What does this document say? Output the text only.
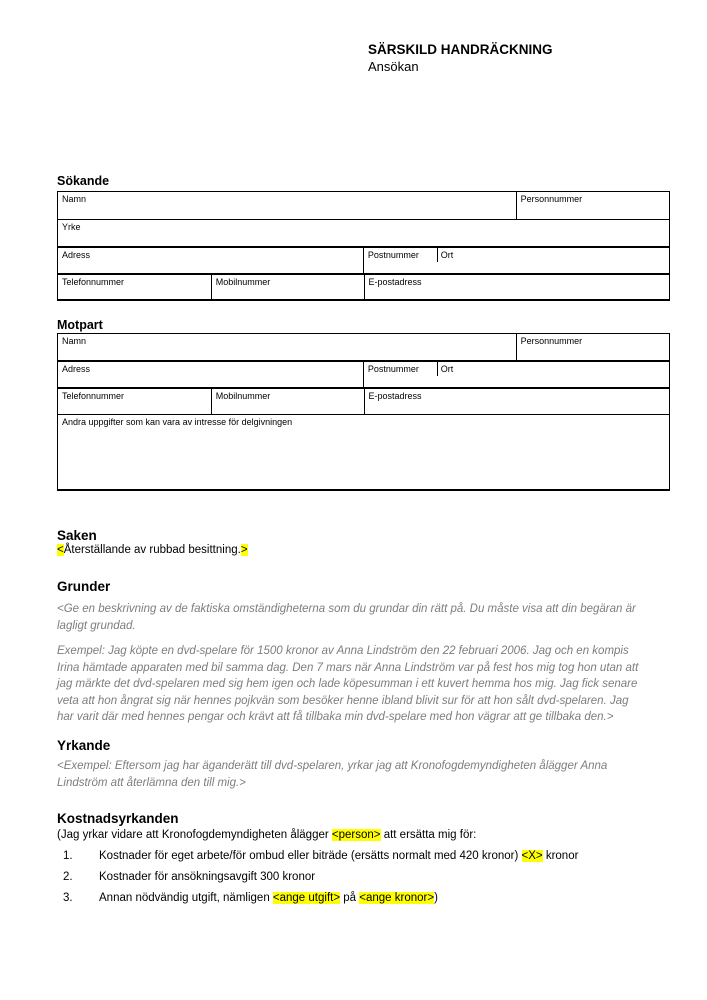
SÄRSKILD HANDRÄCKNING
Ansökan
Sökande
Namn	Personnummer
Yrke
Adress	Postnummer	Ort
Telefonnummer	Mobilnummer	E-postadress
Motpart
Namn	Personnummer
Adress	Postnummer	Ort
Telefonnummer	Mobilnummer	E-postadress
Andra uppgifter som kan vara av intresse för delgivningen
Saken
<Återställande av rubbad besittning.>
Grunder
<Ge en beskrivning av de faktiska omständigheterna som du grundar din rätt på. Du måste visa att din begäran är
lagligt grundad.
Exempel: Jag köpte en dvd-spelare för 1500 kronor av Anna Lindström den 22 februari 2006. Jag och en kompis
Irina hämtade apparaten med bil samma dag. Den 7 mars när Anna Lindström var på fest hos mig tog hon utan att
jag märkte det dvd-spelaren med sig hem igen och lade köpesumman i ett kuvert hemma hos mig. Jag fick senare
veta att hon ångrat sig när hennes pojkvän som besöker henne ibland blivit sur för att hon sålt dvd-spelaren. Jag
har varit där med hennes pengar och krävt att få tillbaka min dvd-spelare med hon vägrar att ge tillbaka den.>
Yrkande
<Exempel: Eftersom jag har äganderätt till dvd-spelaren, yrkar jag att Kronofogdemyndigheten ålägger Anna
Lindström att återlämna den till mig.>
Kostnadsyrkanden
(Jag yrkar vidare att Kronofogdemyndigheten ålägger <person> att ersätta mig för:
1. Kostnader för eget arbete/för ombud eller biträde (ersätts normalt med 420 kronor) <X> kronor
2. Kostnader för ansökningsavgift 300 kronor
3. Annan nödvändig utgift, nämligen <ange utgift> på <ange kronor>)
